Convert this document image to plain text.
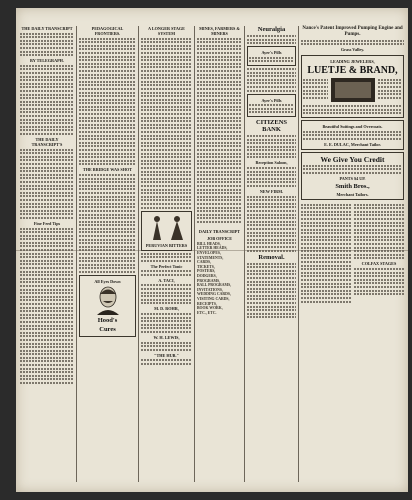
THE DAILY TRANSCRIPT
BY TELEGRAPH.
THE DAILY TRANSCRIPT'S
Fine Feed Tips
PEDAGOGICAL FRONTIERS.
THE BRIDGE WAS SHOT
All Eyes Down
Hood's
Cures
A LONGER STAGE SYSTEM
PERUVIAN BITTERS
The Perfect Tonic
A. TACI,
M. D. ROHR,
W. H. LEWIS,
"THE HUB."
MINES, FARMERS & MINERS
DAILY TRANSCRIPT
JOB OFFICE
BILL HEADS,
LETTER HEADS,
ENVELOPES,
STATEMENTS,
CARDS,
TICKETS,
POSTERS,
DODGERS,
PROGRAMS,
BALL PROGRAMS,
INVITATIONS,
WEDDING CARDS,
VISITING CARDS,
RECEIPTS,
BOOK WORK,
ETC., ETC.
Neuralgia
Ayer's Pills
Ayer's Pills
CITIZENS BANK
Reception Saloon,
NEW FIRM.
Removal.
Nance's Patent Improved Pumping Engine and Pumps.
Grass Valley.
LEADING JEWELERS,
LUETJE & BRAND,
Beautiful Suitings and Overcoats.
E. E. DULAC, Merchant Tailor.
We Give You Credit
PANTS $4 UP.
Smith Bros.,
Merchant Tailors.
COLFAX STAGES
